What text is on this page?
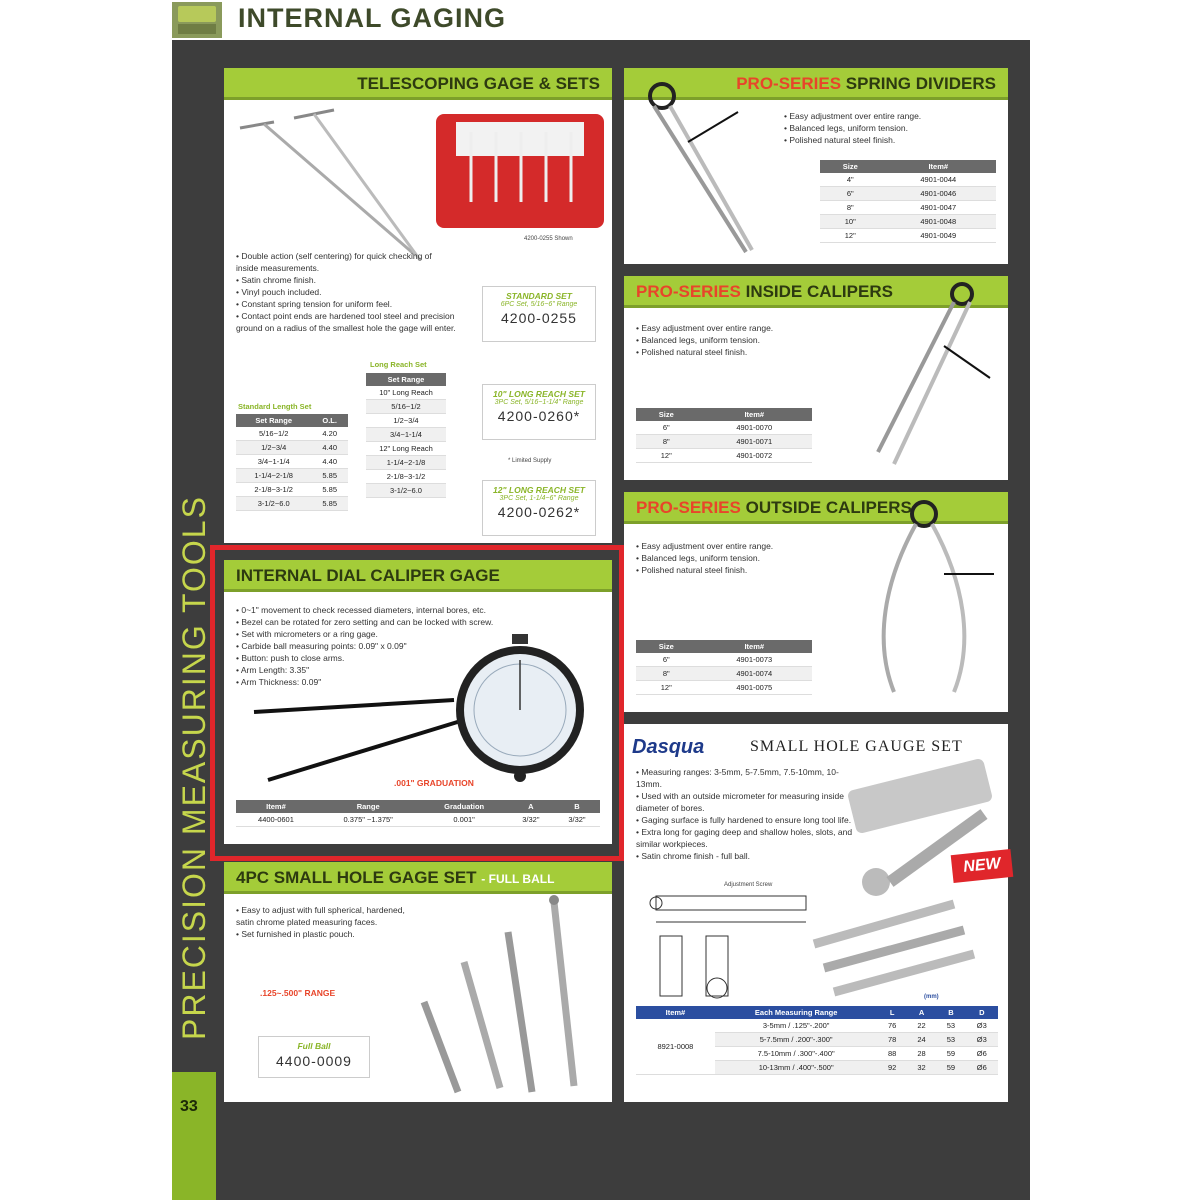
INTERNAL GAGING
PRECISION MEASURING TOOLS
33
TELESCOPING GAGE & SETS
4200-0255 Shown
• Double action (self centering) for quick checking of inside measurements.
• Satin chrome finish.
• Vinyl pouch included.
• Constant spring tension for uniform feel.
• Contact point ends are hardened tool steel and precision ground on a radius of the smallest hole the gage will enter.
STANDARD SET
6PC Set, 5/16~6" Range
4200-0255
Long Reach Set
Set Range
10" Long Reach
5/16~1/2
1/2~3/4
3/4~1-1/4
12" Long Reach
1-1/4~2-1/8
2-1/8~3-1/2
3-1/2~6.0
Standard Length Set
Set Range	O.L.
5/16~1/2	4.20
1/2~3/4	4.40
3/4~1-1/4	4.40
1-1/4~2-1/8	5.85
2-1/8~3-1/2	5.85
3-1/2~6.0	5.85
10" LONG REACH SET
3PC Set, 5/16~1-1/4" Range
4200-0260*
* Limited Supply
12" LONG REACH SET
3PC Set, 1-1/4~6" Range
4200-0262*
PRO-SERIES SPRING DIVIDERS
• Easy adjustment over entire range.
• Balanced legs, uniform tension.
• Polished natural steel finish.
Size	Item#
4"	4901-0044
6"	4901-0046
8"	4901-0047
10"	4901-0048
12"	4901-0049
PRO-SERIES INSIDE CALIPERS
• Easy adjustment over entire range.
• Balanced legs, uniform tension.
• Polished natural steel finish.
Size	Item#
6"	4901-0070
8"	4901-0071
12"	4901-0072
PRO-SERIES OUTSIDE CALIPERS
• Easy adjustment over entire range.
• Balanced legs, uniform tension.
• Polished natural steel finish.
Size	Item#
6"	4901-0073
8"	4901-0074
12"	4901-0075
INTERNAL DIAL CALIPER GAGE
• 0~1" movement to check recessed diameters, internal bores, etc.
• Bezel can be rotated for zero setting and can be locked with screw.
• Set with micrometers or a ring gage.
• Carbide ball measuring points: 0.09" x 0.09"
• Button: push to close arms.
• Arm Length: 3.35"
• Arm Thickness: 0.09"
.001" GRADUATION
Item#	Range	Graduation	A	B
4400-0601	0.375" ~1.375"	0.001"	3/32"	3/32"
4PC SMALL HOLE GAGE SET - FULL BALL
• Easy to adjust with full spherical, hardened, satin chrome plated measuring faces.
• Set furnished in plastic pouch.
.125~.500" RANGE
Full Ball
4400-0009
• Measuring ranges: 3-5mm, 5-7.5mm, 7.5-10mm, 10-13mm.
• Used with an outside micrometer for measuring inside diameter of bores.
• Gaging surface is fully hardened to ensure long tool life.
• Extra long for gaging deep and shallow holes, slots, and similar workpieces.
• Satin chrome finish - full ball.
Adjustment Screw
Item#	Each Measuring Range	L	A	B	D
8921-0008	3-5mm / .125"-.200"	76	22	53	Ø3
	5-7.5mm / .200"-.300"	78	24	53	Ø3
	7.5-10mm / .300"-.400"	88	28	59	Ø6
	10-13mm / .400"-.500"	92	32	59	Ø6
(mm)
Dasqua	SMALL HOLE GAUGE SET
NEW
